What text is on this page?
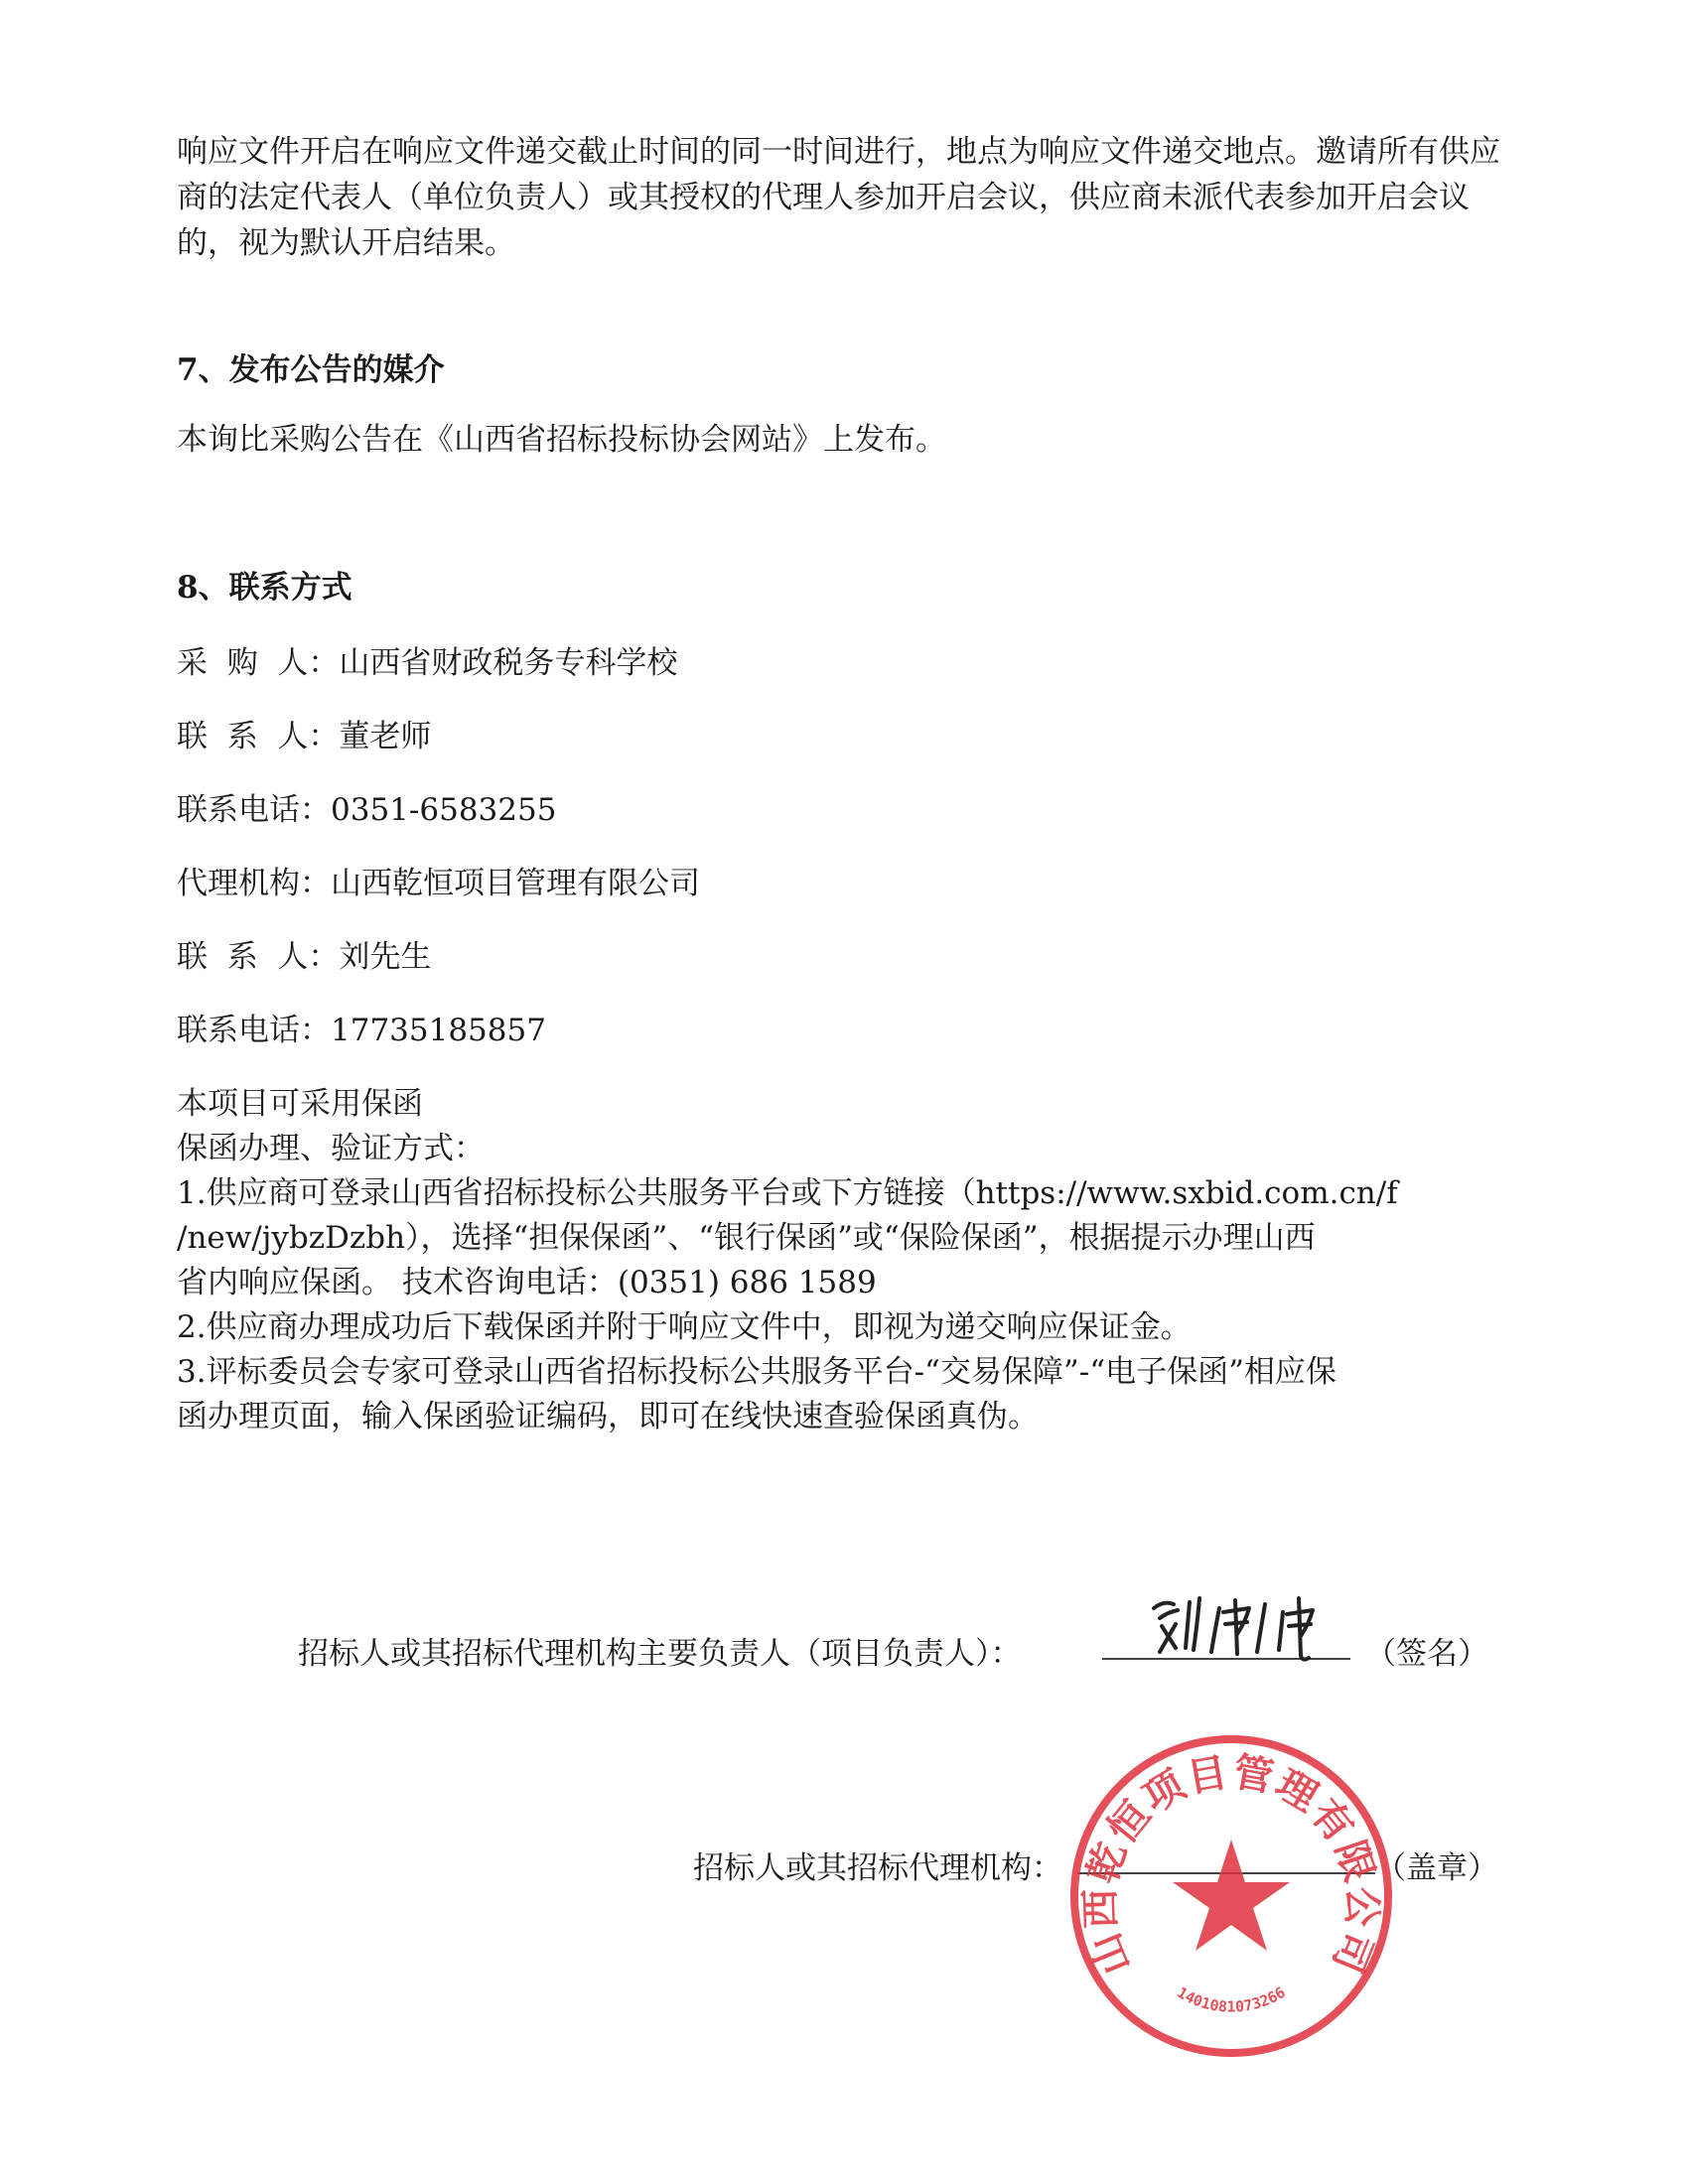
响应文件开启在响应文件递交截止时间的同一时间进行，地点为响应文件递交地点。邀请所有供应商的法定代表人（单位负责人）或其授权的代理人参加开启会议，供应商未派代表参加开启会议的，视为默认开启结果。

7、发布公告的媒介

本询比采购公告在《山西省招标投标协会网站》上发布。

8、联系方式
采  购  人：山西省财政税务专科学校
联  系  人：董老师
联系电话：0351-6583255
代理机构：山西乾恒项目管理有限公司
联  系  人：刘先生
联系电话：17735185857
本项目可采用保函
保函办理、验证方式：
1.供应商可登录山西省招标投标公共服务平台或下方链接（https://www.sxbid.com.cn/f
/new/jybzDzbh），选择“担保保函”、“银行保函”或“保险保函”，根据提示办理山西
省内响应保函。 技术咨询电话：(0351) 686 1589
2.供应商办理成功后下载保函并附于响应文件中，即视为递交响应保证金。
3.评标委员会专家可登录山西省招标投标公共服务平台-“交易保障”-“电子保函”相应保
函办理页面，输入保函验证编码，即可在线快速查验保函真伪。
招标人或其招标代理机构主要负责人（项目负责人）：	（签名）
招标人或其招标代理机构：	（盖章）
山西乾恒项目管理有限公司
1401081073266
